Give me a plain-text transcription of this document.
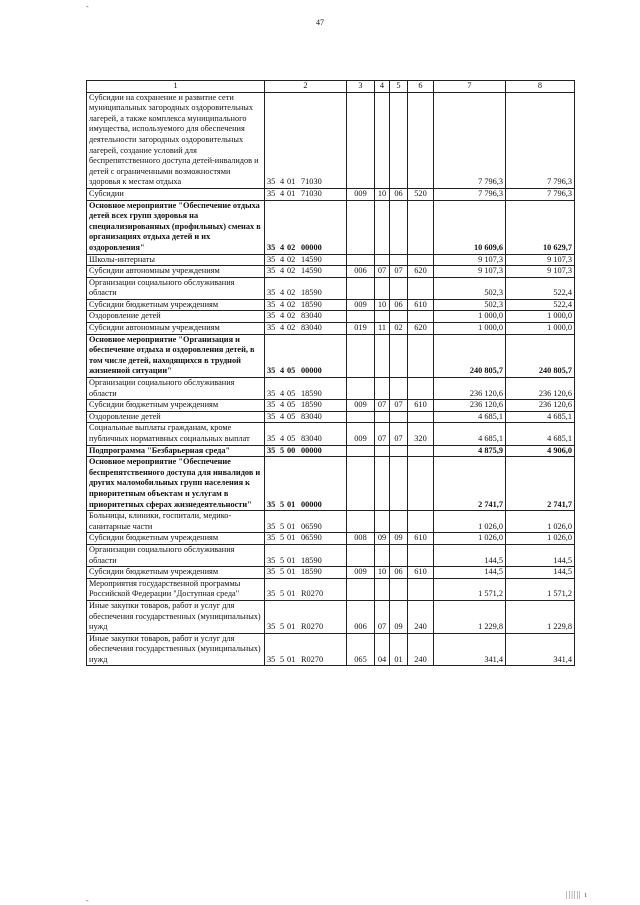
-
47
1	2	3	4	5	6	7	8
Субсидии на сохранение и развитие сети муниципальных загородных оздоровительных лагерей, а также комплекса муниципального имущества, используемого для обеспечения деятельности загородных оздоровительных лагерей, создание условий для беспрепятственного доступа детей-инвалидов и детей с ограниченными возможностями здоровья к местам отдыха	35 4 01 71030					7 796,3	7 796,3
Субсидии	35 4 01 71030	009	10	06	520	7 796,3	7 796,3
Основное мероприятие "Обеспечение отдыха детей всех групп здоровья на специализированных (профильных) сменах в организациях отдыха детей и их оздоровления"	35 4 02 00000					10 609,6	10 629,7
Школы-интернаты	35 4 02 14590					9 107,3	9 107,3
Субсидии автономным учреждениям	35 4 02 14590	006	07	07	620	9 107,3	9 107,3
Организации социального обслуживания области	35 4 02 18590					502,3	522,4
Субсидии бюджетным учреждениям	35 4 02 18590	009	10	06	610	502,3	522,4
Оздоровление детей	35 4 02 83040					1 000,0	1 000,0
Субсидии автономным учреждениям	35 4 02 83040	019	11	02	620	1 000,0	1 000,0
Основное мероприятие "Организация и обеспечение отдыха и оздоровления детей, в том числе детей, находящихся в трудной жизненной ситуации"	35 4 05 00000					240 805,7	240 805,7
Организации социального обслуживания области	35 4 05 18590					236 120,6	236 120,6
Субсидии бюджетным учреждениям	35 4 05 18590	009	07	07	610	236 120,6	236 120,6
Оздоровление детей	35 4 05 83040					4 685,1	4 685,1
Социальные выплаты гражданам, кроме публичных нормативных социальных выплат	35 4 05 83040	009	07	07	320	4 685,1	4 685,1
Подпрограмма "Безбарьерная среда"	35 5 00 00000					4 875,9	4 906,0
Основное мероприятие "Обеспечение беспрепятственного доступа для инвалидов и других маломобильных групп населения к приоритетным объектам и услугам в приоритетных сферах жизнедеятельности"	35 5 01 00000					2 741,7	2 741,7
Больницы, клиники, госпитали, медико-санитарные части	35 5 01 06590					1 026,0	1 026,0
Субсидии бюджетным учреждениям	35 5 01 06590	008	09	09	610	1 026,0	1 026,0
Организации социального обслуживания области	35 5 01 18590					144,5	144,5
Субсидии бюджетным учреждениям	35 5 01 18590	009	10	06	610	144,5	144,5
Мероприятия государственной программы Российской Федерации "Доступная среда"	35 5 01 R0270					1 571,2	1 571,2
Иные закупки товаров, работ и услуг для обеспечения государственных (муниципальных) нужд	35 5 01 R0270	006	07	09	240	1 229,8	1 229,8
Иные закупки товаров, работ и услуг для обеспечения государственных (муниципальных) нужд	35 5 01 R0270	065	04	01	240	341,4	341,4
-
|||||| ı
